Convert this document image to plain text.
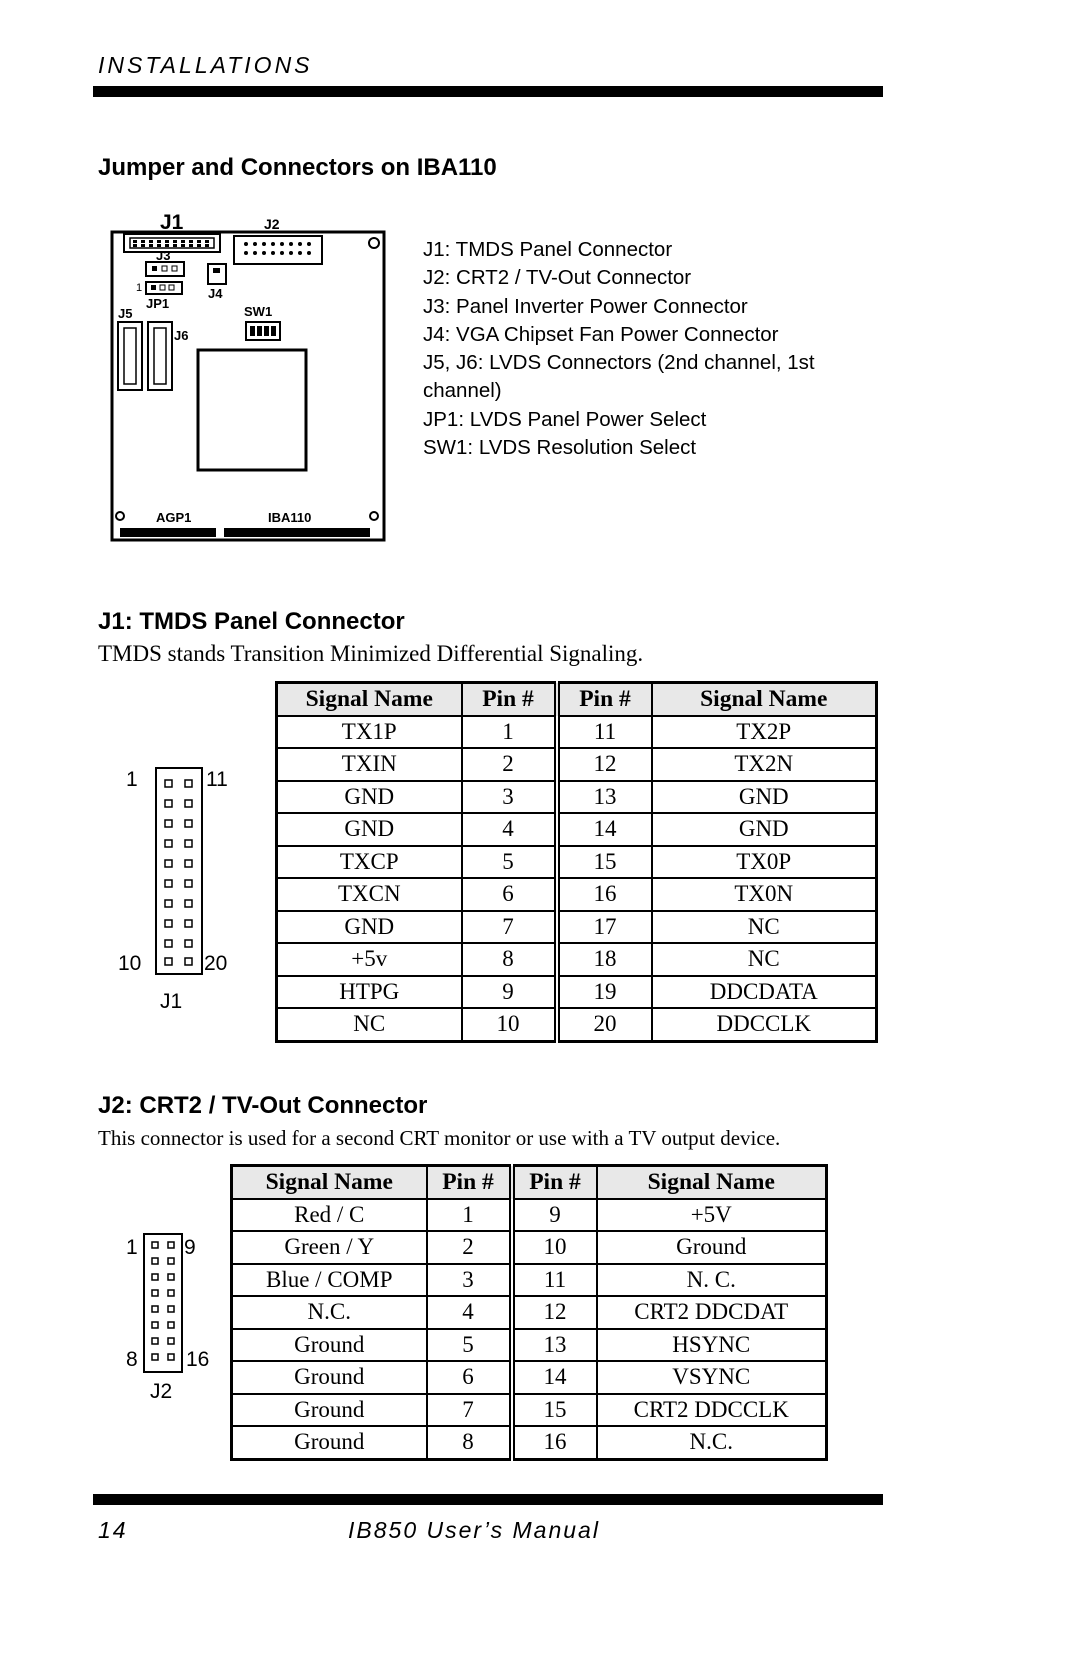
INSTALLATIONS
Jumper and Connectors on IBA110
J1	J2
J3
1
JP1
J4
SW1
J5
J6
AGP1	IBA110
J1: TMDS Panel Connector
J2: CRT2 / TV-Out Connector
J3: Panel Inverter Power Connector
J4: VGA Chipset Fan Power Connector
J5, J6: LVDS Connectors (2nd channel, 1st channel)
JP1: LVDS Panel Power Select
SW1: LVDS Resolution Select
J1: TMDS Panel Connector
TMDS stands Transition Minimized Differential Signaling.
1	11
10	20
J1
Signal Name	Pin #	Pin #	Signal Name
TX1P	1	11	TX2P
TXIN	2	12	TX2N
GND	3	13	GND
GND	4	14	GND
TXCP	5	15	TX0P
TXCN	6	16	TX0N
GND	7	17	NC
+5v	8	18	NC
HTPG	9	19	DDCDATA
NC	10	20	DDCCLK
J2: CRT2 / TV-Out Connector
This connector is used for a second CRT monitor or use with a TV output device.
1 9
8 16
J2
Signal Name	Pin #	Pin #	Signal Name
Red / C	1	9	+5V
Green / Y	2	10	Ground
Blue / COMP	3	11	N. C.
N.C.	4	12	CRT2 DDCDAT
Ground	5	13	HSYNC
Ground	6	14	VSYNC
Ground	7	15	CRT2 DDCCLK
Ground	8	16	N.C.
14	IB850 User’s Manual
